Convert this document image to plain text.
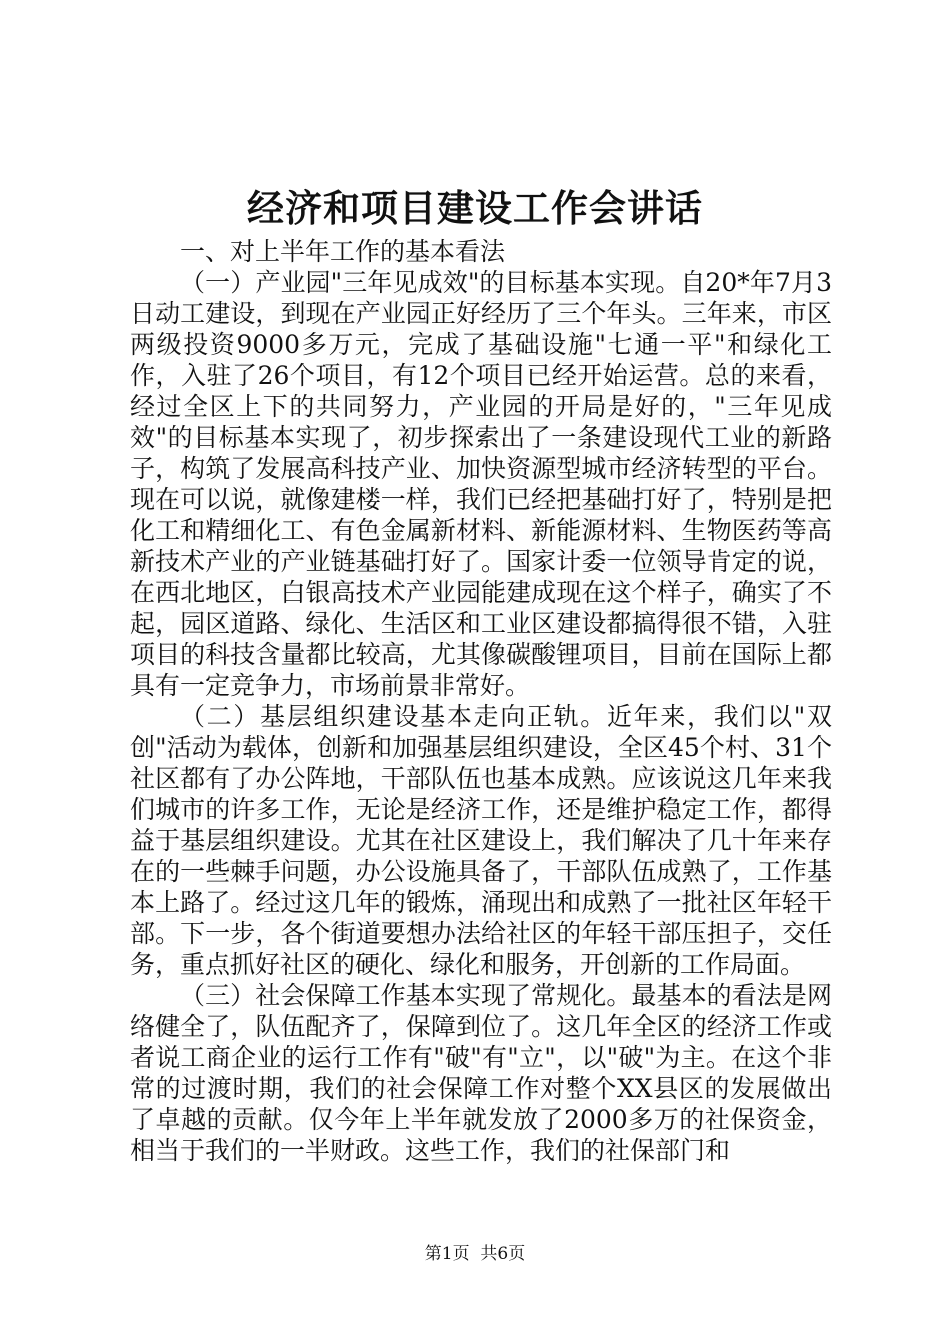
经济和项目建设工作会讲话

一、对上半年工作的基本看法

（一）产业园"三年见成效"的目标基本实现。自20*年7月3日动工建设，到现在产业园正好经历了三个年头。三年来，市区两级投资9000多万元，完成了基础设施"七通一平"和绿化工作，入驻了26个项目，有12个项目已经开始运营。总的来看，经过全区上下的共同努力，产业园的开局是好的，"三年见成效"的目标基本实现了，初步探索出了一条建设现代工业的新路子，构筑了发展高科技产业、加快资源型城市经济转型的平台。现在可以说，就像建楼一样，我们已经把基础打好了，特别是把化工和精细化工、有色金属新材料、新能源材料、生物医药等高新技术产业的产业链基础打好了。国家计委一位领导肯定的说，在西北地区，白银高技术产业园能建成现在这个样子，确实了不起，园区道路、绿化、生活区和工业区建设都搞得很不错，入驻项目的科技含量都比较高，尤其像碳酸锂项目，目前在国际上都具有一定竞争力，市场前景非常好。

（二）基层组织建设基本走向正轨。近年来，我们以"双创"活动为载体，创新和加强基层组织建设，全区45个村、31个社区都有了办公阵地，干部队伍也基本成熟。应该说这几年来我们城市的许多工作，无论是经济工作，还是维护稳定工作，都得益于基层组织建设。尤其在社区建设上，我们解决了几十年来存在的一些棘手问题，办公设施具备了，干部队伍成熟了，工作基本上路了。经过这几年的锻炼，涌现出和成熟了一批社区年轻干部。下一步，各个街道要想办法给社区的年轻干部压担子，交任务，重点抓好社区的硬化、绿化和服务，开创新的工作局面。

（三）社会保障工作基本实现了常规化。最基本的看法是网络健全了，队伍配齐了，保障到位了。这几年全区的经济工作或者说工商企业的运行工作有"破"有"立"，以"破"为主。在这个非常的过渡时期，我们的社会保障工作对整个XX县区的发展做出了卓越的贡献。仅今年上半年就发放了2000多万的社保资金，相当于我们的一半财政。这些工作，我们的社保部门和

第1页 共6页
